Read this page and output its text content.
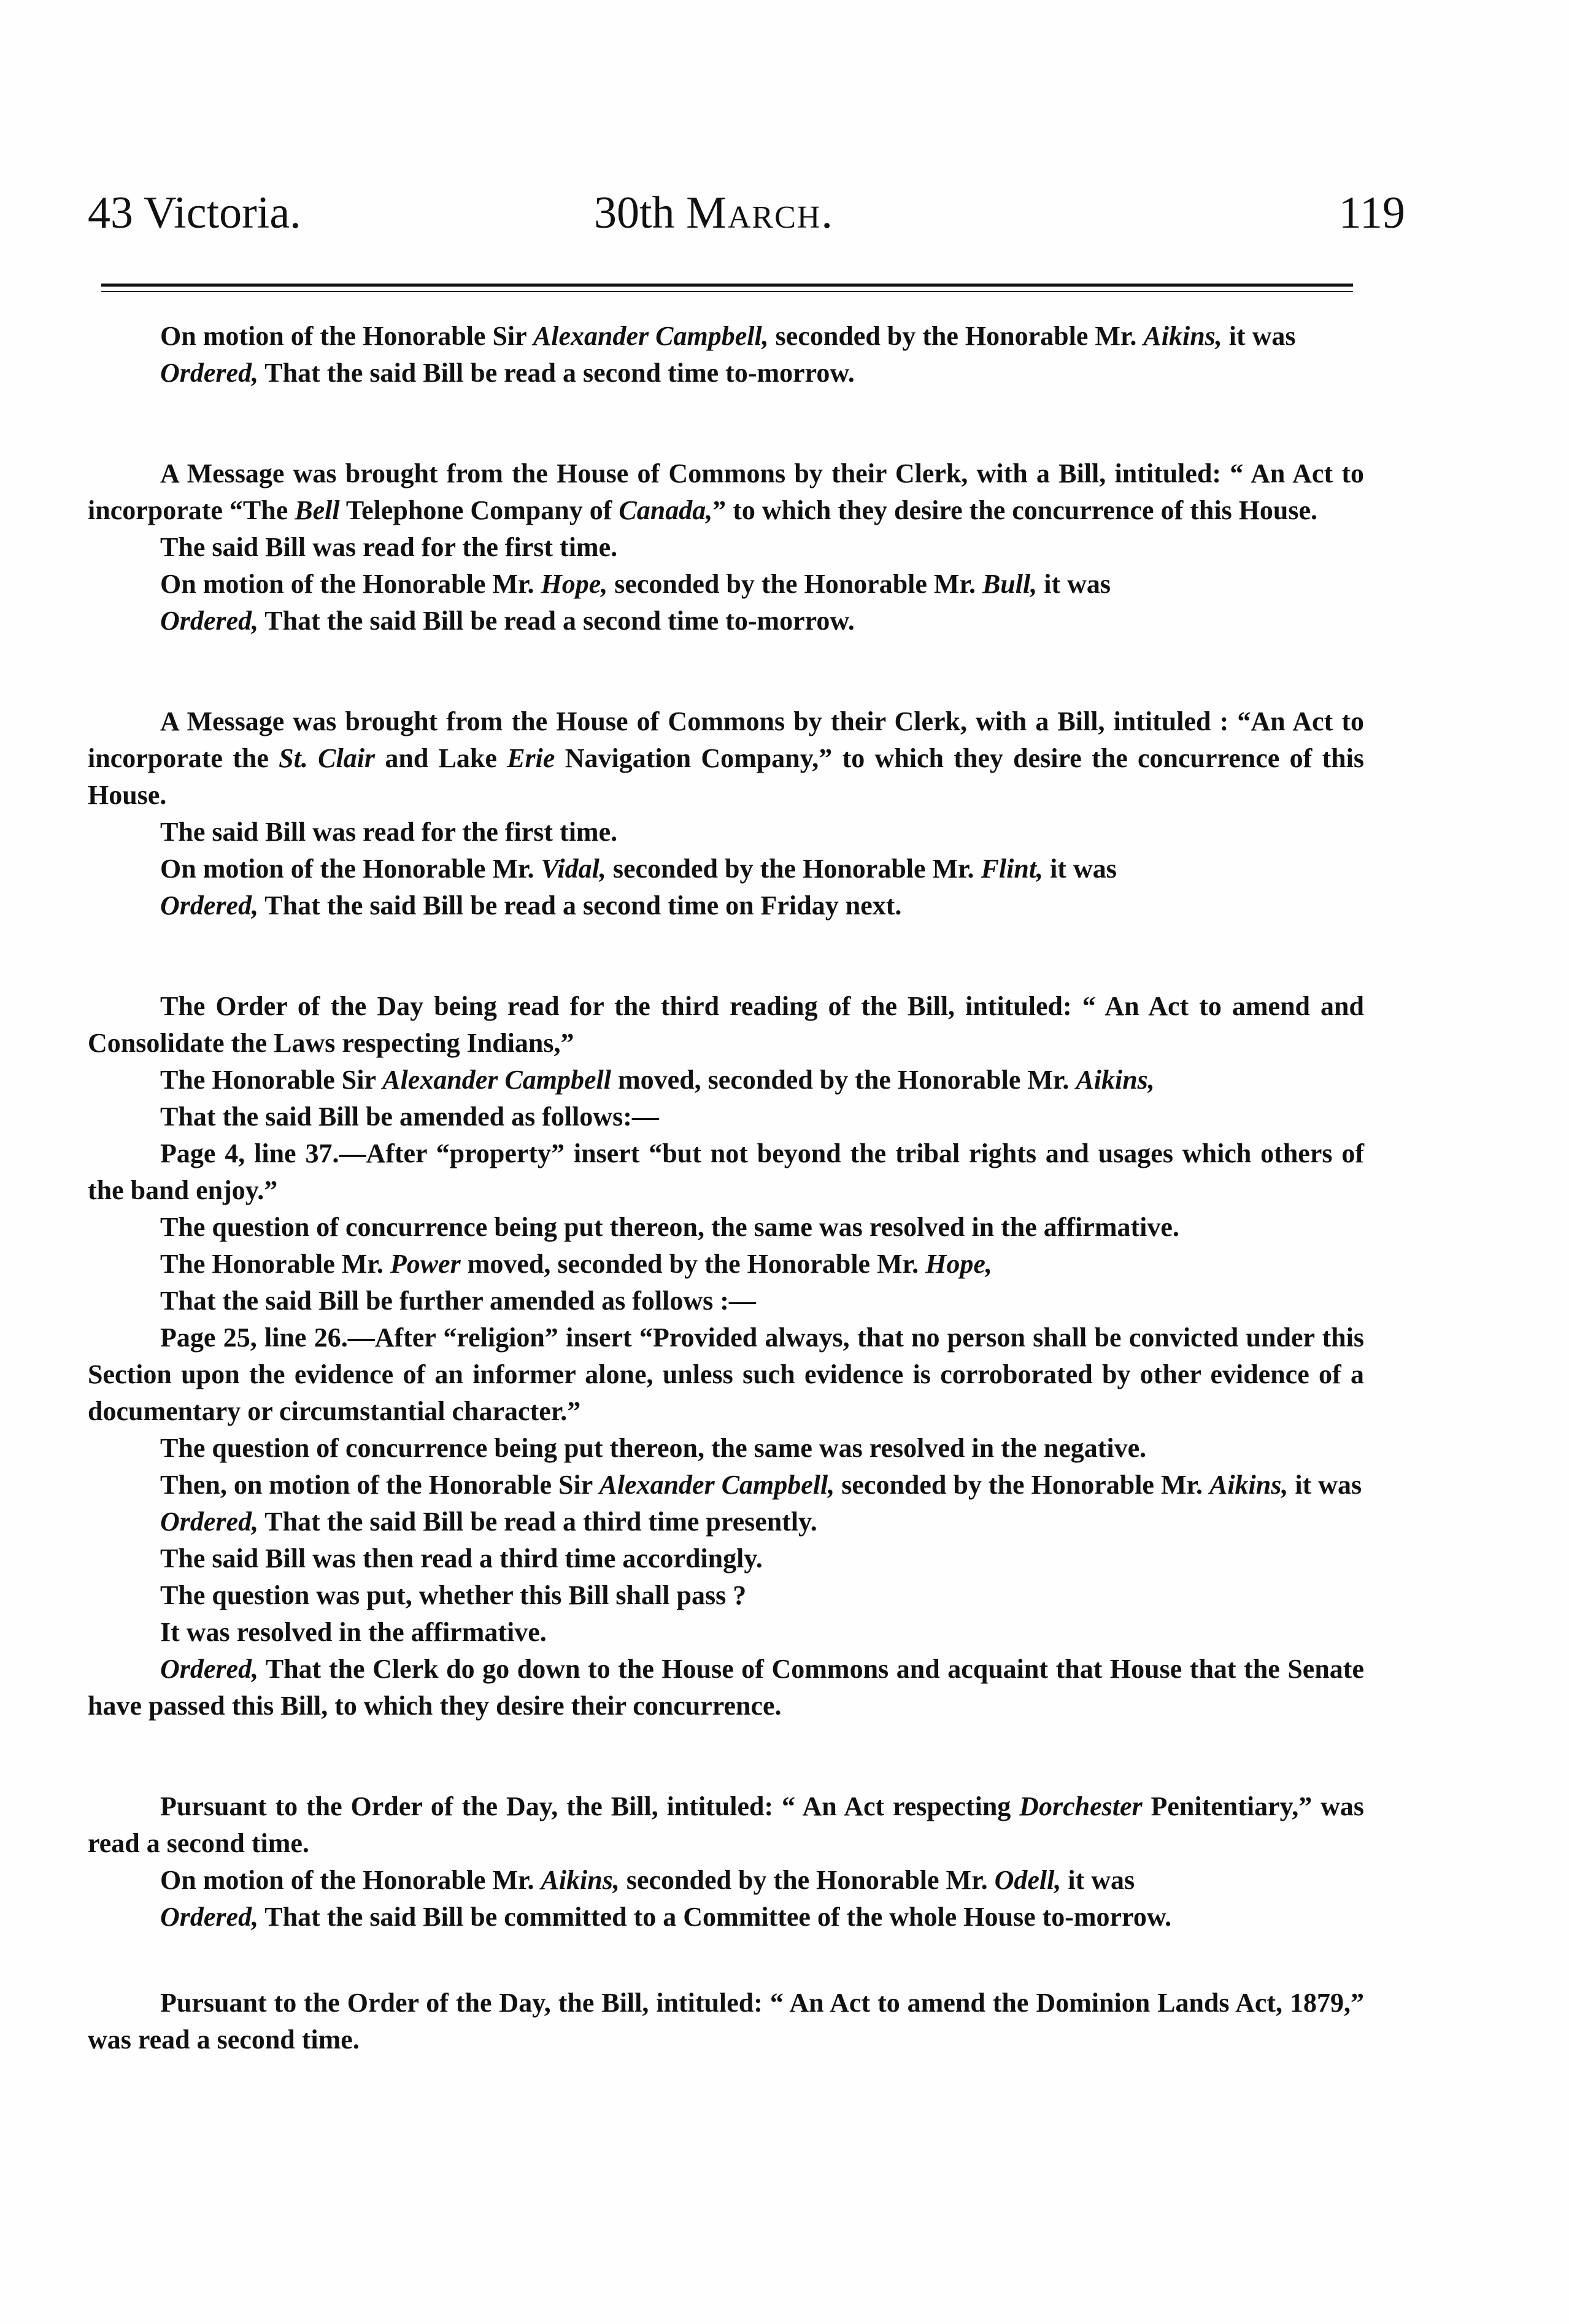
43 Victoria.	30th March.	119

On motion of the Honorable Sir Alexander Campbell, seconded by the Honorable Mr. Aikins, it was

Ordered, That the said Bill be read a second time to-morrow.

A Message was brought from the House of Commons by their Clerk, with a Bill, intituled: “ An Act to incorporate “The Bell Telephone Company of Canada,” to which they desire the concurrence of this House.

The said Bill was read for the first time.

On motion of the Honorable Mr. Hope, seconded by the Honorable Mr. Bull, it was

Ordered, That the said Bill be read a second time to-morrow.

A Message was brought from the House of Commons by their Clerk, with a Bill, intituled : “An Act to incorporate the St. Clair and Lake Erie Navigation Company,” to which they desire the concurrence of this House.

The said Bill was read for the first time.

On motion of the Honorable Mr. Vidal, seconded by the Honorable Mr. Flint, it was

Ordered, That the said Bill be read a second time on Friday next.

The Order of the Day being read for the third reading of the Bill, intituled: “ An Act to amend and Consolidate the Laws respecting Indians,”

The Honorable Sir Alexander Campbell moved, seconded by the Honorable Mr. Aikins,

That the said Bill be amended as follows:—

Page 4, line 37.—After “property” insert “but not beyond the tribal rights and usages which others of the band enjoy.”

The question of concurrence being put thereon, the same was resolved in the affirmative.

The Honorable Mr. Power moved, seconded by the Honorable Mr. Hope,

That the said Bill be further amended as follows :—

Page 25, line 26.—After “religion” insert “Provided always, that no person shall be convicted under this Section upon the evidence of an informer alone, unless such evidence is corroborated by other evidence of a documentary or circumstantial character.”

The question of concurrence being put thereon, the same was resolved in the negative.

Then, on motion of the Honorable Sir Alexander Campbell, seconded by the Honorable Mr. Aikins, it was

Ordered, That the said Bill be read a third time presently.

The said Bill was then read a third time accordingly.

The question was put, whether this Bill shall pass ?

It was resolved in the affirmative.

Ordered, That the Clerk do go down to the House of Commons and acquaint that House that the Senate have passed this Bill, to which they desire their concurrence.

Pursuant to the Order of the Day, the Bill, intituled: “ An Act respecting Dorchester Penitentiary,” was read a second time.

On motion of the Honorable Mr. Aikins, seconded by the Honorable Mr. Odell, it was

Ordered, That the said Bill be committed to a Committee of the whole House to-morrow.

Pursuant to the Order of the Day, the Bill, intituled: “ An Act to amend the Dominion Lands Act, 1879,” was read a second time.
